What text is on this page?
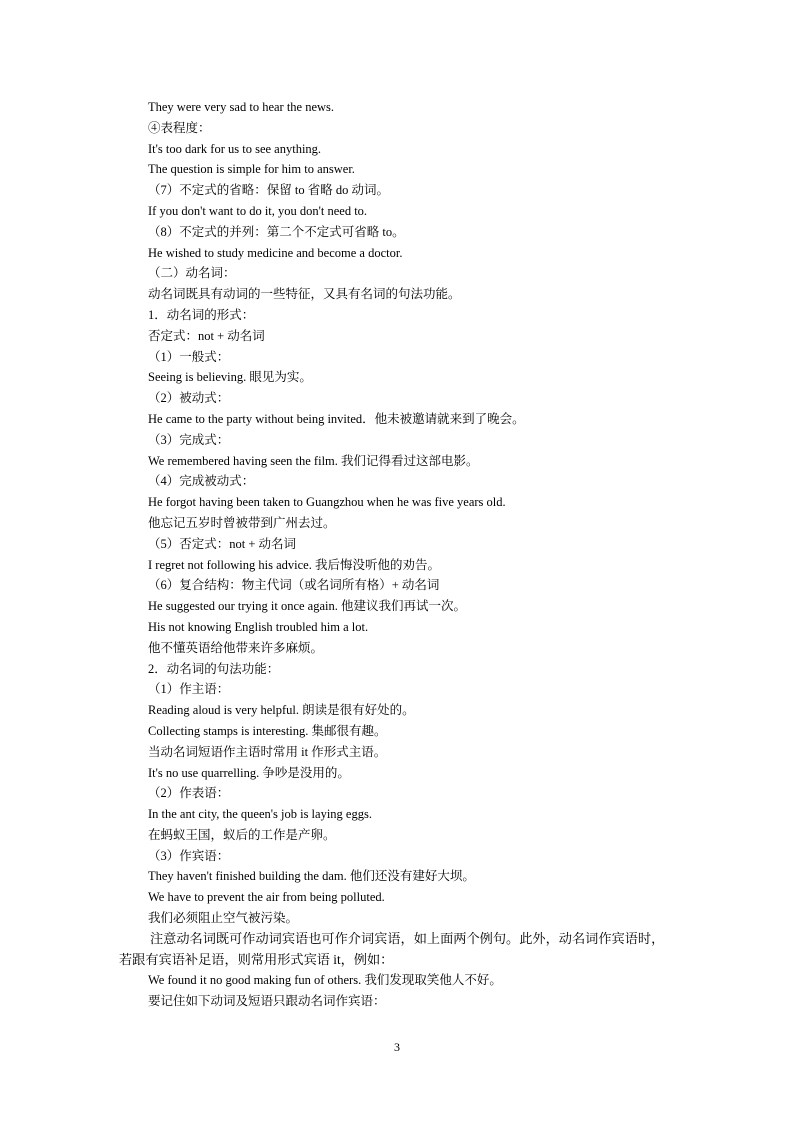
They were very sad to hear the news.
④表程度：
It's too dark for us to see anything.
The question is simple for him to answer.
（7）不定式的省略：保留 to 省略 do 动词。
If you don't want to do it, you don't need to.
（8）不定式的并列：第二个不定式可省略 to。
He wished to study medicine and become a doctor.
（二）动名词：
动名词既具有动词的一些特征，又具有名词的句法功能。
1．动名词的形式：
否定式：not + 动名词
（1）一般式：
Seeing is believing. 眼见为实。
（2）被动式：
He came to the party without being invited．他未被邀请就来到了晚会。
（3）完成式：
We remembered having seen the film. 我们记得看过这部电影。
（4）完成被动式：
He forgot having been taken to Guangzhou when he was five years old.
他忘记五岁时曾被带到广州去过。
（5）否定式：not + 动名词
I regret not following his advice. 我后悔没听他的劝告。
（6）复合结构：物主代词（或名词所有格）+ 动名词
He suggested our trying it once again. 他建议我们再试一次。
His not knowing English troubled him a lot.
他不懂英语给他带来许多麻烦。
2．动名词的句法功能：
（1）作主语：
Reading aloud is very helpful. 朗读是很有好处的。
Collecting stamps is interesting. 集邮很有趣。
当动名词短语作主语时常用 it 作形式主语。
It's no use quarrelling. 争吵是没用的。
（2）作表语：
In the ant city, the queen's job is laying eggs.
在蚂蚁王国，蚁后的工作是产卵。
（3）作宾语：
They haven't finished building the dam. 他们还没有建好大坝。
We have to prevent the air from being polluted.
我们必须阻止空气被污染。

注意动名词既可作动词宾语也可作介词宾语，如上面两个例句。此外，动名词作宾语时，若跟有宾语补足语，则常用形式宾语 it，例如：

We found it no good making fun of others. 我们发现取笑他人不好。
要记住如下动词及短语只跟动名词作宾语：
3
